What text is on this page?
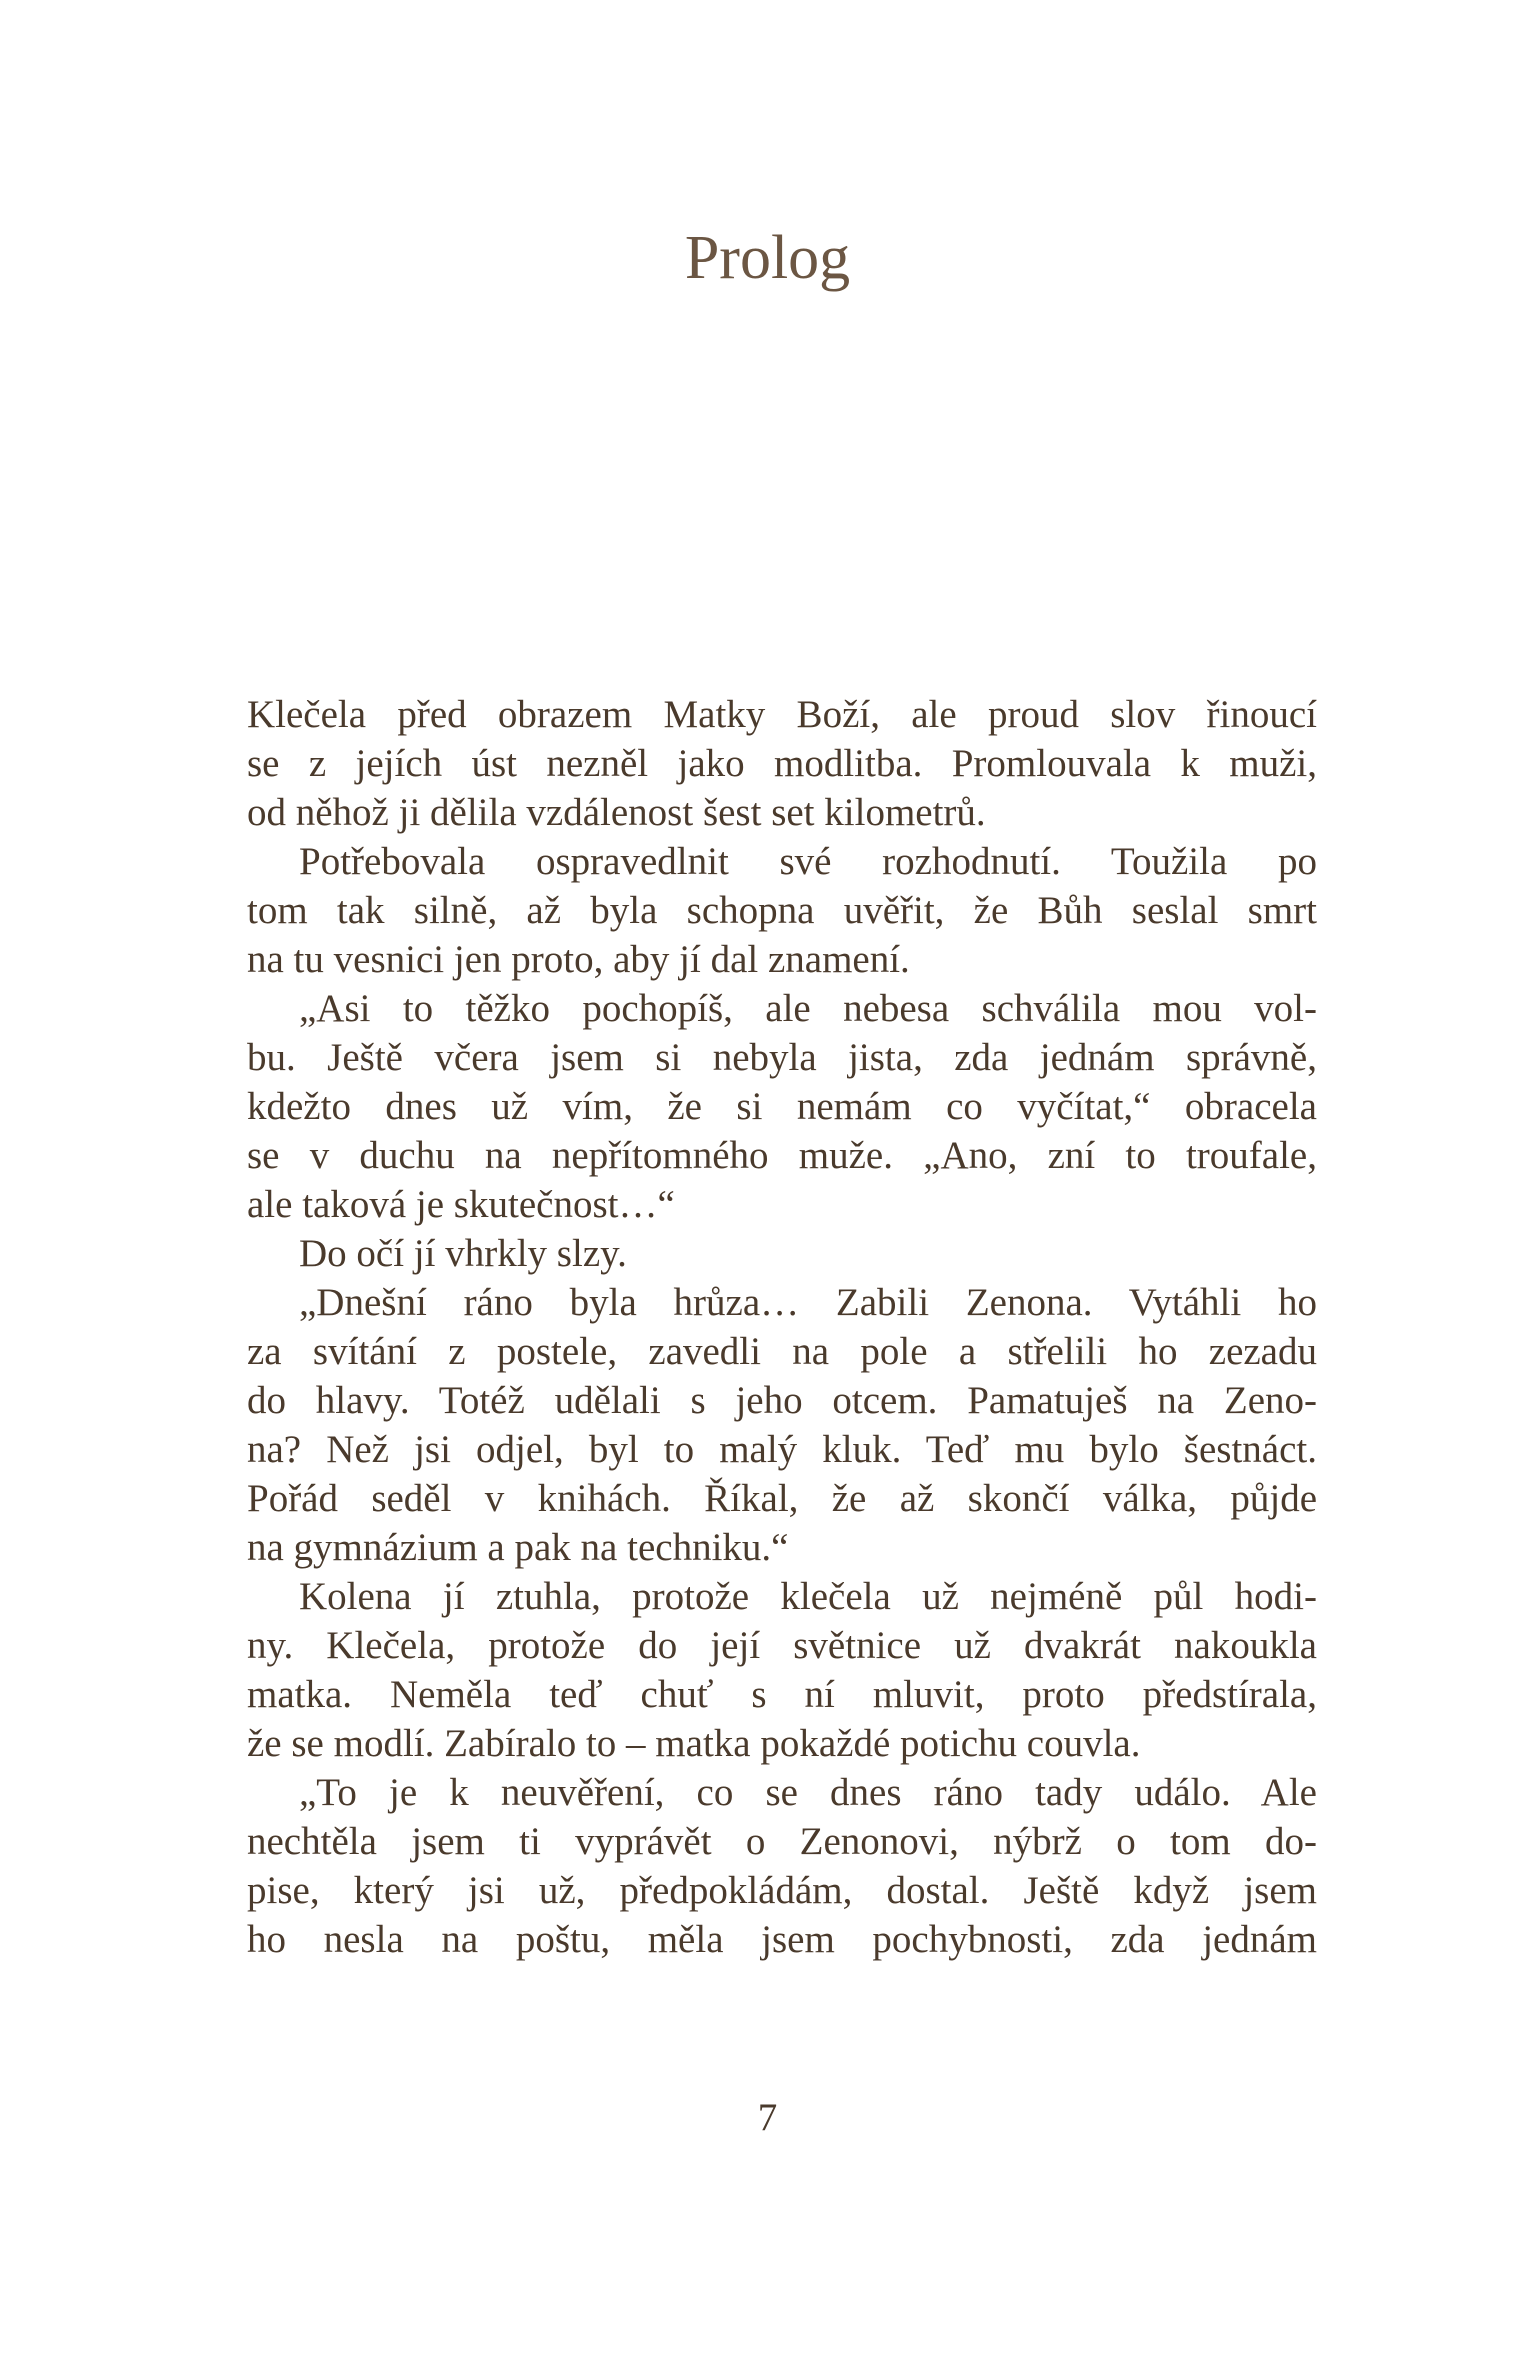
Prolog

Klečela před obrazem Matky Boží, ale proud slov řinoucí
se z jejích úst nezněl jako modlitba. Promlouvala k muži,
od něhož ji dělila vzdálenost šest set kilometrů.

Potřebovala ospravedlnit své rozhodnutí. Toužila po
tom tak silně, až byla schopna uvěřit, že Bůh seslal smrt
na tu vesnici jen proto, aby jí dal znamení.

„Asi to těžko pochopíš, ale nebesa schválila mou vol-
bu. Ještě včera jsem si nebyla jista, zda jednám správně,
kdežto dnes už vím, že si nemám co vyčítat,“ obracela
se v duchu na nepřítomného muže. „Ano, zní to troufale,
ale taková je skutečnost…“

Do očí jí vhrkly slzy.

„Dnešní ráno byla hrůza… Zabili Zenona. Vytáhli ho
za svítání z postele, zavedli na pole a střelili ho zezadu
do hlavy. Totéž udělali s jeho otcem. Pamatuješ na Zeno-
na? Než jsi odjel, byl to malý kluk. Teď mu bylo šestnáct.
Pořád seděl v knihách. Říkal, že až skončí válka, půjde
na gymnázium a pak na techniku.“

Kolena jí ztuhla, protože klečela už nejméně půl hodi-
ny. Klečela, protože do její světnice už dvakrát nakoukla
matka. Neměla teď chuť s ní mluvit, proto předstírala,
že se modlí. Zabíralo to – matka pokaždé potichu couvla.

„To je k neuvěření, co se dnes ráno tady událo. Ale
nechtěla jsem ti vyprávět o Zenonovi, nýbrž o tom do-
pise, který jsi už, předpokládám, dostal. Ještě když jsem
ho nesla na poštu, měla jsem pochybnosti, zda jednám

7
